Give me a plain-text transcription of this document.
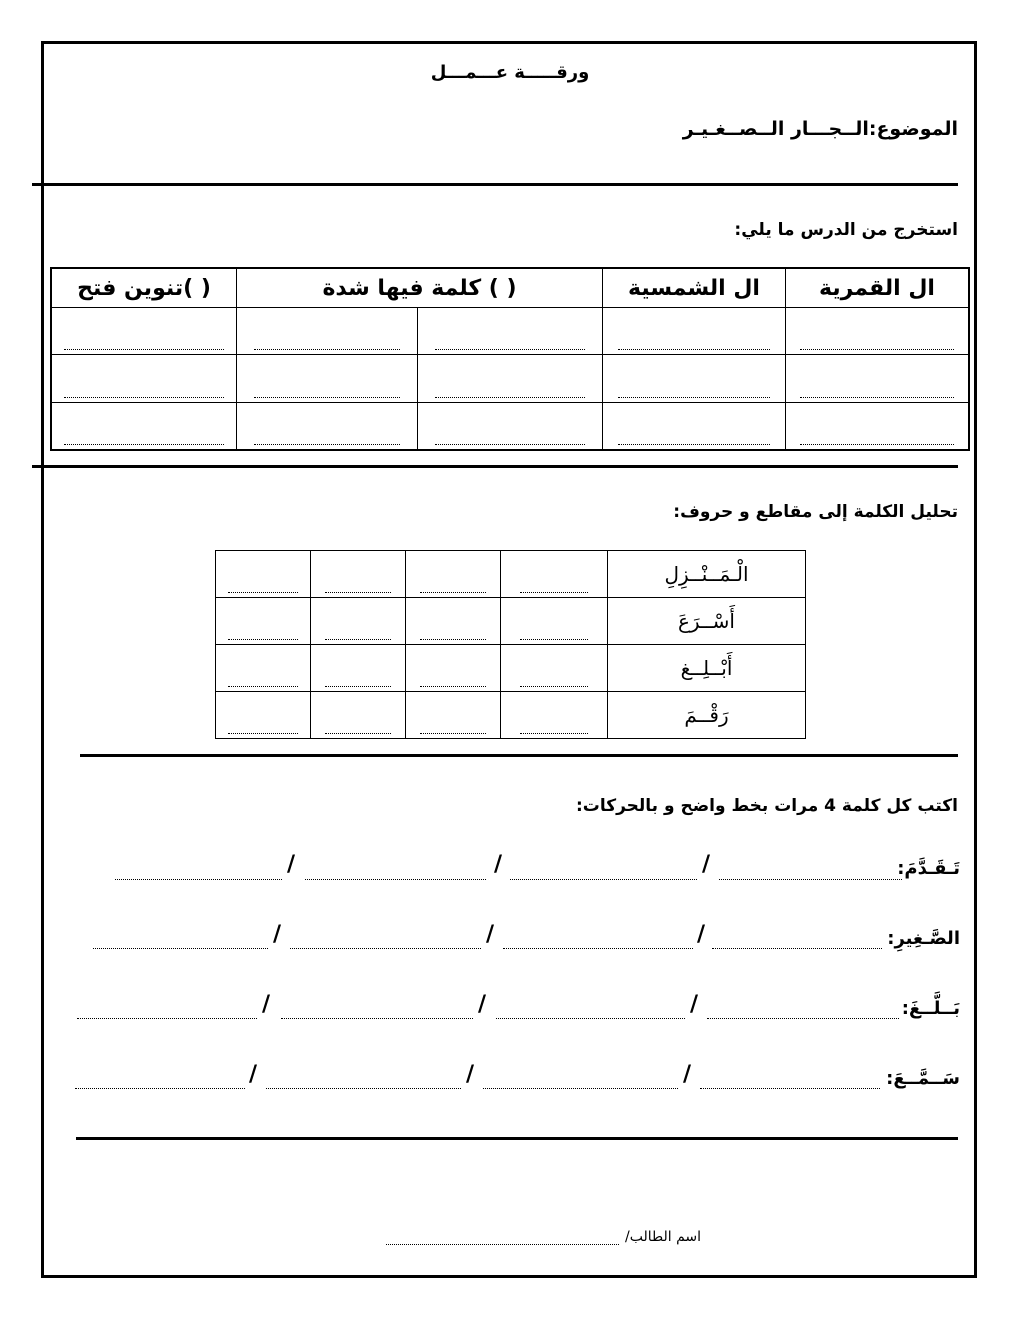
ورقـــــة عـــمـــل
الموضوع:الــجـــار الــصــغـيـر
استخرج من الدرس ما يلي:
تنوين فتح( )	كلمة فيها شدة ( )		ال الشمسية	ال القمرية

تحليل الكلمة إلى مقاطع و حروف:

	الْـمَــنْــزِلِ

	أَسْــرَعَ

	أَبْــلِــغ

	رَقْــمَ
اكتب كل كلمة 4 مرات بخط واضح و بالحركات:
تَـقَـدَّمَ:
/
/
/
الصَّـغِيرِ:
/
/
/
بَــلَّــغَ:
/
/
/
سَــمَّــعَ:
/
/
/
اسم الطالب/
